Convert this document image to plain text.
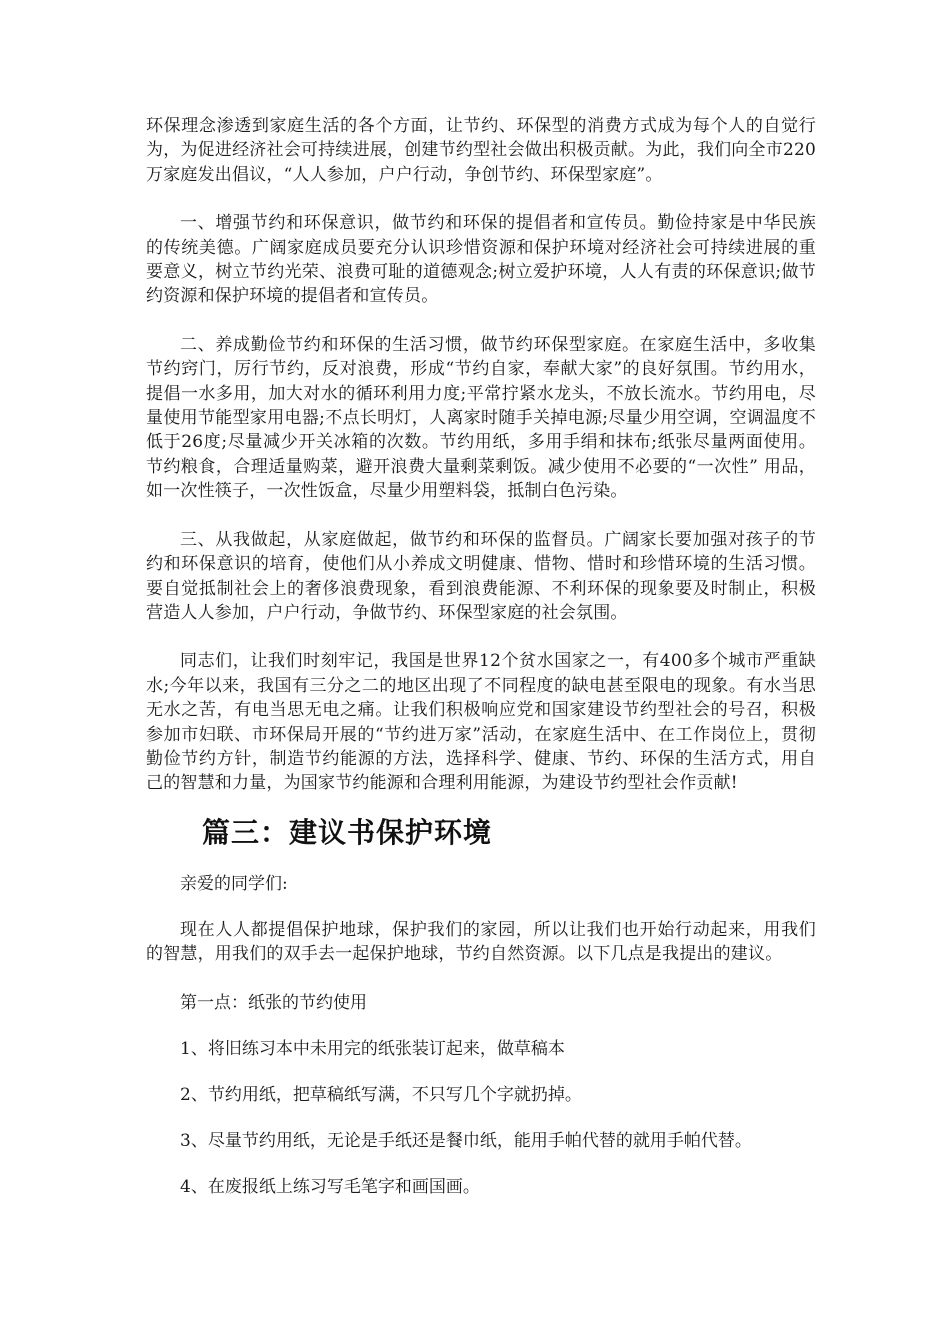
环保理念渗透到家庭生活的各个方面，让节约、环保型的消费方式成为每个人的自觉行为，为促进经济社会可持续进展，创建节约型社会做出积极贡献。为此，我们向全市220万家庭发出倡议，“人人参加，户户行动，争创节约、环保型家庭”。

一、增强节约和环保意识，做节约和环保的提倡者和宣传员。勤俭持家是中华民族的传统美德。广阔家庭成员要充分认识珍惜资源和保护环境对经济社会可持续进展的重要意义，树立节约光荣、浪费可耻的道德观念;树立爱护环境，人人有责的环保意识;做节约资源和保护环境的提倡者和宣传员。

二、养成勤俭节约和环保的生活习惯，做节约环保型家庭。在家庭生活中，多收集节约窍门，厉行节约，反对浪费，形成“节约自家，奉献大家”的良好氛围。节约用水，提倡一水多用，加大对水的循环利用力度;平常拧紧水龙头，不放长流水。节约用电，尽量使用节能型家用电器;不点长明灯，人离家时随手关掉电源;尽量少用空调，空调温度不低于26度;尽量减少开关冰箱的次数。节约用纸，多用手绢和抹布;纸张尽量两面使用。节约粮食，合理适量购菜，避开浪费大量剩菜剩饭。减少使用不必要的“一次性” 用品，如一次性筷子，一次性饭盒，尽量少用塑料袋，抵制白色污染。

三、从我做起，从家庭做起，做节约和环保的监督员。广阔家长要加强对孩子的节约和环保意识的培育，使他们从小养成文明健康、惜物、惜时和珍惜环境的生活习惯。要自觉抵制社会上的奢侈浪费现象，看到浪费能源、不利环保的现象要及时制止，积极营造人人参加，户户行动，争做节约、环保型家庭的社会氛围。

同志们，让我们时刻牢记，我国是世界12个贫水国家之一，有400多个城市严重缺水;今年以来，我国有三分之二的地区出现了不同程度的缺电甚至限电的现象。有水当思无水之苦，有电当思无电之痛。让我们积极响应党和国家建设节约型社会的号召，积极参加市妇联、市环保局开展的“节约进万家”活动，在家庭生活中、在工作岗位上，贯彻勤俭节约方针，制造节约能源的方法，选择科学、健康、节约、环保的生活方式，用自己的智慧和力量，为国家节约能源和合理利用能源，为建设节约型社会作贡献!

篇三：建议书保护环境

亲爱的同学们:

现在人人都提倡保护地球，保护我们的家园，所以让我们也开始行动起来，用我们的智慧，用我们的双手去一起保护地球，节约自然资源。以下几点是我提出的建议。

第一点：纸张的节约使用

1、将旧练习本中未用完的纸张装订起来，做草稿本

2、节约用纸，把草稿纸写满，不只写几个字就扔掉。

3、尽量节约用纸，无论是手纸还是餐巾纸，能用手帕代替的就用手帕代替。

4、在废报纸上练习写毛笔字和画国画。
